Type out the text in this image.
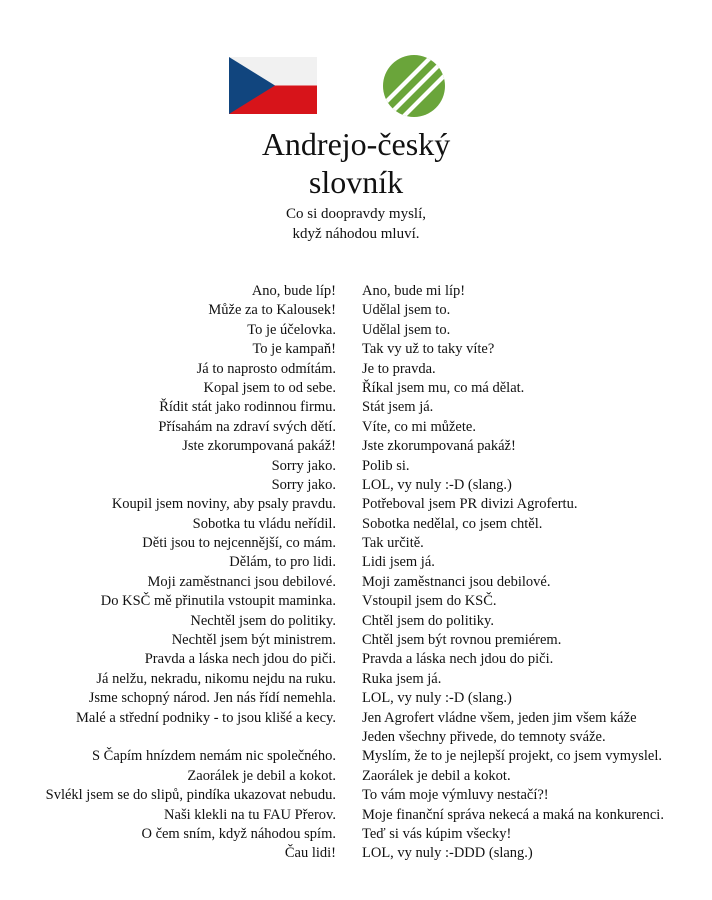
Andrejo-český
slovník
Co si doopravdy myslí,
když náhodou mluví.
Ano, bude líp! Ano, bude mi líp!
Může za to Kalousek! Udělal jsem to.
To je účelovka. Udělal jsem to.
To je kampaň! Tak vy už to taky víte?
Já to naprosto odmítám. Je to pravda.
Kopal jsem to od sebe. Říkal jsem mu, co má dělat.
Řídit stát jako rodinnou firmu. Stát jsem já.
Přísahám na zdraví svých dětí. Víte, co mi můžete.
Jste zkorumpovaná pakáž! Jste zkorumpovaná pakáž!
Sorry jako. Polib si.
Sorry jako. LOL, vy nuly :-D (slang.)
Koupil jsem noviny, aby psaly pravdu. Potřeboval jsem PR divizi Agrofertu.
Sobotka tu vládu neřídil. Sobotka nedělal, co jsem chtěl.
Děti jsou to nejcennější, co mám. Tak určitě.
Dělám, to pro lidi. Lidi jsem já.
Moji zaměstnanci jsou debilové. Moji zaměstnanci jsou debilové.
Do KSČ mě přinutila vstoupit maminka. Vstoupil jsem do KSČ.
Nechtěl jsem do politiky. Chtěl jsem do politiky.
Nechtěl jsem být ministrem. Chtěl jsem být rovnou premiérem.
Pravda a láska nech jdou do piči. Pravda a láska nech jdou do piči.
Já nelžu, nekradu, nikomu nejdu na ruku. Ruka jsem já.
Jsme schopný národ. Jen nás řídí nemehla. LOL, vy nuly :-D (slang.)
Malé a střední podniky - to jsou klišé a kecy. Jen Agrofert vládne všem, jeden jim všem káže
Jeden všechny přivede, do temnoty sváže.
S Čapím hnízdem nemám nic společného. Myslím, že to je nejlepší projekt, co jsem vymyslel.
Zaorálek je debil a kokot. Zaorálek je debil a kokot.
Svlékl jsem se do slipů, pindíka ukazovat nebudu. To vám moje výmluvy nestačí?!
Naši klekli na tu FAU Přerov. Moje finanční správa nekecá a maká na konkurenci.
O čem sním, když náhodou spím. Teď si vás kúpim všecky!
Čau lidi! LOL, vy nuly :-DDD (slang.)
